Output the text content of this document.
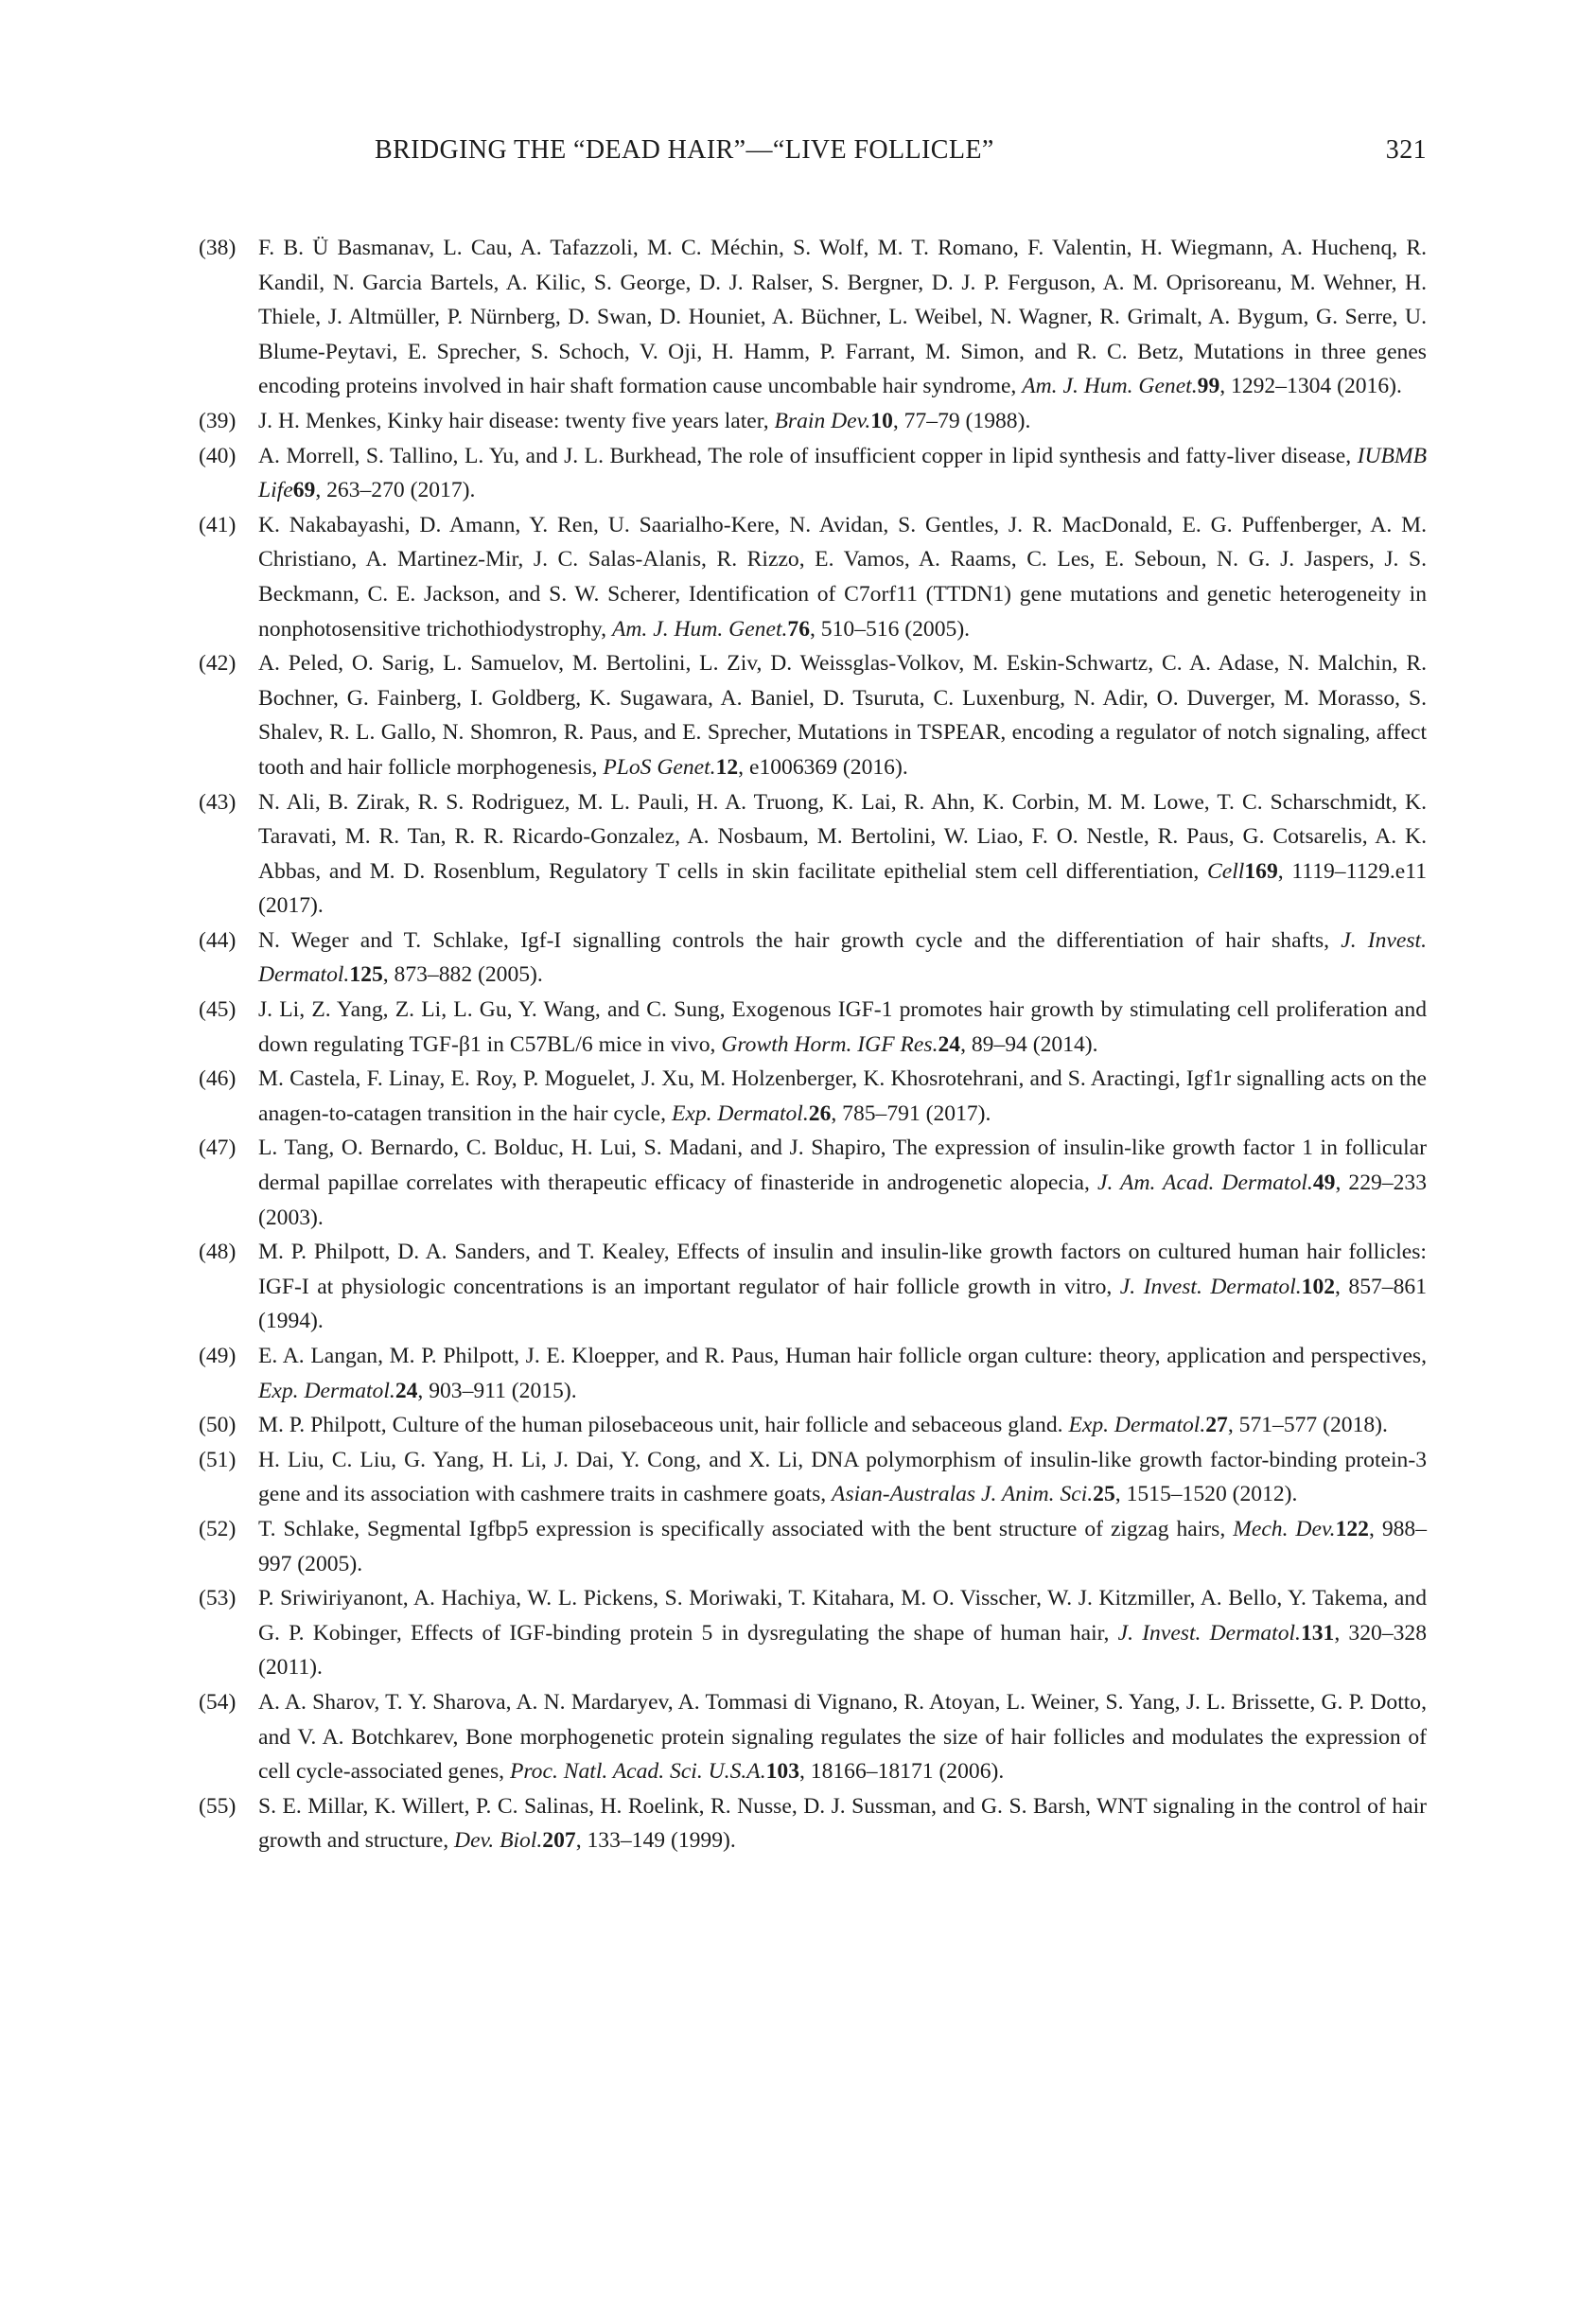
BRIDGING THE “DEAD HAIR”—“LIVE FOLLICLE”	321
(38) F. B. Ü Basmanav, L. Cau, A. Tafazzoli, M. C. Méchin, S. Wolf, M. T. Romano, F. Valentin, H. Wiegmann, A. Huchenq, R. Kandil, N. Garcia Bartels, A. Kilic, S. George, D. J. Ralser, S. Bergner, D. J. P. Ferguson, A. M. Oprisoreanu, M. Wehner, H. Thiele, J. Altmüller, P. Nürnberg, D. Swan, D. Houniet, A. Büchner, L. Weibel, N. Wagner, R. Grimalt, A. Bygum, G. Serre, U. Blume-Peytavi, E. Sprecher, S. Schoch, V. Oji, H. Hamm, P. Farrant, M. Simon, and R. C. Betz, Mutations in three genes encoding proteins involved in hair shaft formation cause uncombable hair syndrome, Am. J. Hum. Genet.99, 1292–1304 (2016).
(39) J. H. Menkes, Kinky hair disease: twenty five years later, Brain Dev.10, 77–79 (1988).
(40) A. Morrell, S. Tallino, L. Yu, and J. L. Burkhead, The role of insufficient copper in lipid synthesis and fatty-liver disease, IUBMB Life69, 263–270 (2017).
(41) K. Nakabayashi, D. Amann, Y. Ren, U. Saarialho-Kere, N. Avidan, S. Gentles, J. R. MacDonald, E. G. Puffenberger, A. M. Christiano, A. Martinez-Mir, J. C. Salas-Alanis, R. Rizzo, E. Vamos, A. Raams, C. Les, E. Seboun, N. G. J. Jaspers, J. S. Beckmann, C. E. Jackson, and S. W. Scherer, Identification of C7orf11 (TTDN1) gene mutations and genetic heterogeneity in nonphotosensitive trichothiodystrophy, Am. J. Hum. Genet.76, 510–516 (2005).
(42) A. Peled, O. Sarig, L. Samuelov, M. Bertolini, L. Ziv, D. Weissglas-Volkov, M. Eskin-Schwartz, C. A. Adase, N. Malchin, R. Bochner, G. Fainberg, I. Goldberg, K. Sugawara, A. Baniel, D. Tsuruta, C. Luxenburg, N. Adir, O. Duverger, M. Morasso, S. Shalev, R. L. Gallo, N. Shomron, R. Paus, and E. Sprecher, Mutations in TSPEAR, encoding a regulator of notch signaling, affect tooth and hair follicle morphogenesis, PLoS Genet.12, e1006369 (2016).
(43) N. Ali, B. Zirak, R. S. Rodriguez, M. L. Pauli, H. A. Truong, K. Lai, R. Ahn, K. Corbin, M. M. Lowe, T. C. Scharschmidt, K. Taravati, M. R. Tan, R. R. Ricardo-Gonzalez, A. Nosbaum, M. Bertolini, W. Liao, F. O. Nestle, R. Paus, G. Cotsarelis, A. K. Abbas, and M. D. Rosenblum, Regulatory T cells in skin facilitate epithelial stem cell differentiation, Cell169, 1119–1129.e11 (2017).
(44) N. Weger and T. Schlake, Igf-I signalling controls the hair growth cycle and the differentiation of hair shafts, J. Invest. Dermatol.125, 873–882 (2005).
(45) J. Li, Z. Yang, Z. Li, L. Gu, Y. Wang, and C. Sung, Exogenous IGF-1 promotes hair growth by stimulating cell proliferation and down regulating TGF-β1 in C57BL/6 mice in vivo, Growth Horm. IGF Res.24, 89–94 (2014).
(46) M. Castela, F. Linay, E. Roy, P. Moguelet, J. Xu, M. Holzenberger, K. Khosrotehrani, and S. Aractingi, Igf1r signalling acts on the anagen-to-catagen transition in the hair cycle, Exp. Dermatol.26, 785–791 (2017).
(47) L. Tang, O. Bernardo, C. Bolduc, H. Lui, S. Madani, and J. Shapiro, The expression of insulin-like growth factor 1 in follicular dermal papillae correlates with therapeutic efficacy of finasteride in androgenetic alopecia, J. Am. Acad. Dermatol.49, 229–233 (2003).
(48) M. P. Philpott, D. A. Sanders, and T. Kealey, Effects of insulin and insulin-like growth factors on cultured human hair follicles: IGF-I at physiologic concentrations is an important regulator of hair follicle growth in vitro, J. Invest. Dermatol.102, 857–861 (1994).
(49) E. A. Langan, M. P. Philpott, J. E. Kloepper, and R. Paus, Human hair follicle organ culture: theory, application and perspectives, Exp. Dermatol.24, 903–911 (2015).
(50) M. P. Philpott, Culture of the human pilosebaceous unit, hair follicle and sebaceous gland. Exp. Dermatol.27, 571–577 (2018).
(51) H. Liu, C. Liu, G. Yang, H. Li, J. Dai, Y. Cong, and X. Li, DNA polymorphism of insulin-like growth factor-binding protein-3 gene and its association with cashmere traits in cashmere goats, Asian-Australas J. Anim. Sci.25, 1515–1520 (2012).
(52) T. Schlake, Segmental Igfbp5 expression is specifically associated with the bent structure of zigzag hairs, Mech. Dev.122, 988–997 (2005).
(53) P. Sriwiriyanont, A. Hachiya, W. L. Pickens, S. Moriwaki, T. Kitahara, M. O. Visscher, W. J. Kitzmiller, A. Bello, Y. Takema, and G. P. Kobinger, Effects of IGF-binding protein 5 in dysregulating the shape of human hair, J. Invest. Dermatol.131, 320–328 (2011).
(54) A. A. Sharov, T. Y. Sharova, A. N. Mardaryev, A. Tommasi di Vignano, R. Atoyan, L. Weiner, S. Yang, J. L. Brissette, G. P. Dotto, and V. A. Botchkarev, Bone morphogenetic protein signaling regulates the size of hair follicles and modulates the expression of cell cycle-associated genes, Proc. Natl. Acad. Sci. U.S.A.103, 18166–18171 (2006).
(55) S. E. Millar, K. Willert, P. C. Salinas, H. Roelink, R. Nusse, D. J. Sussman, and G. S. Barsh, WNT signaling in the control of hair growth and structure, Dev. Biol.207, 133–149 (1999).
